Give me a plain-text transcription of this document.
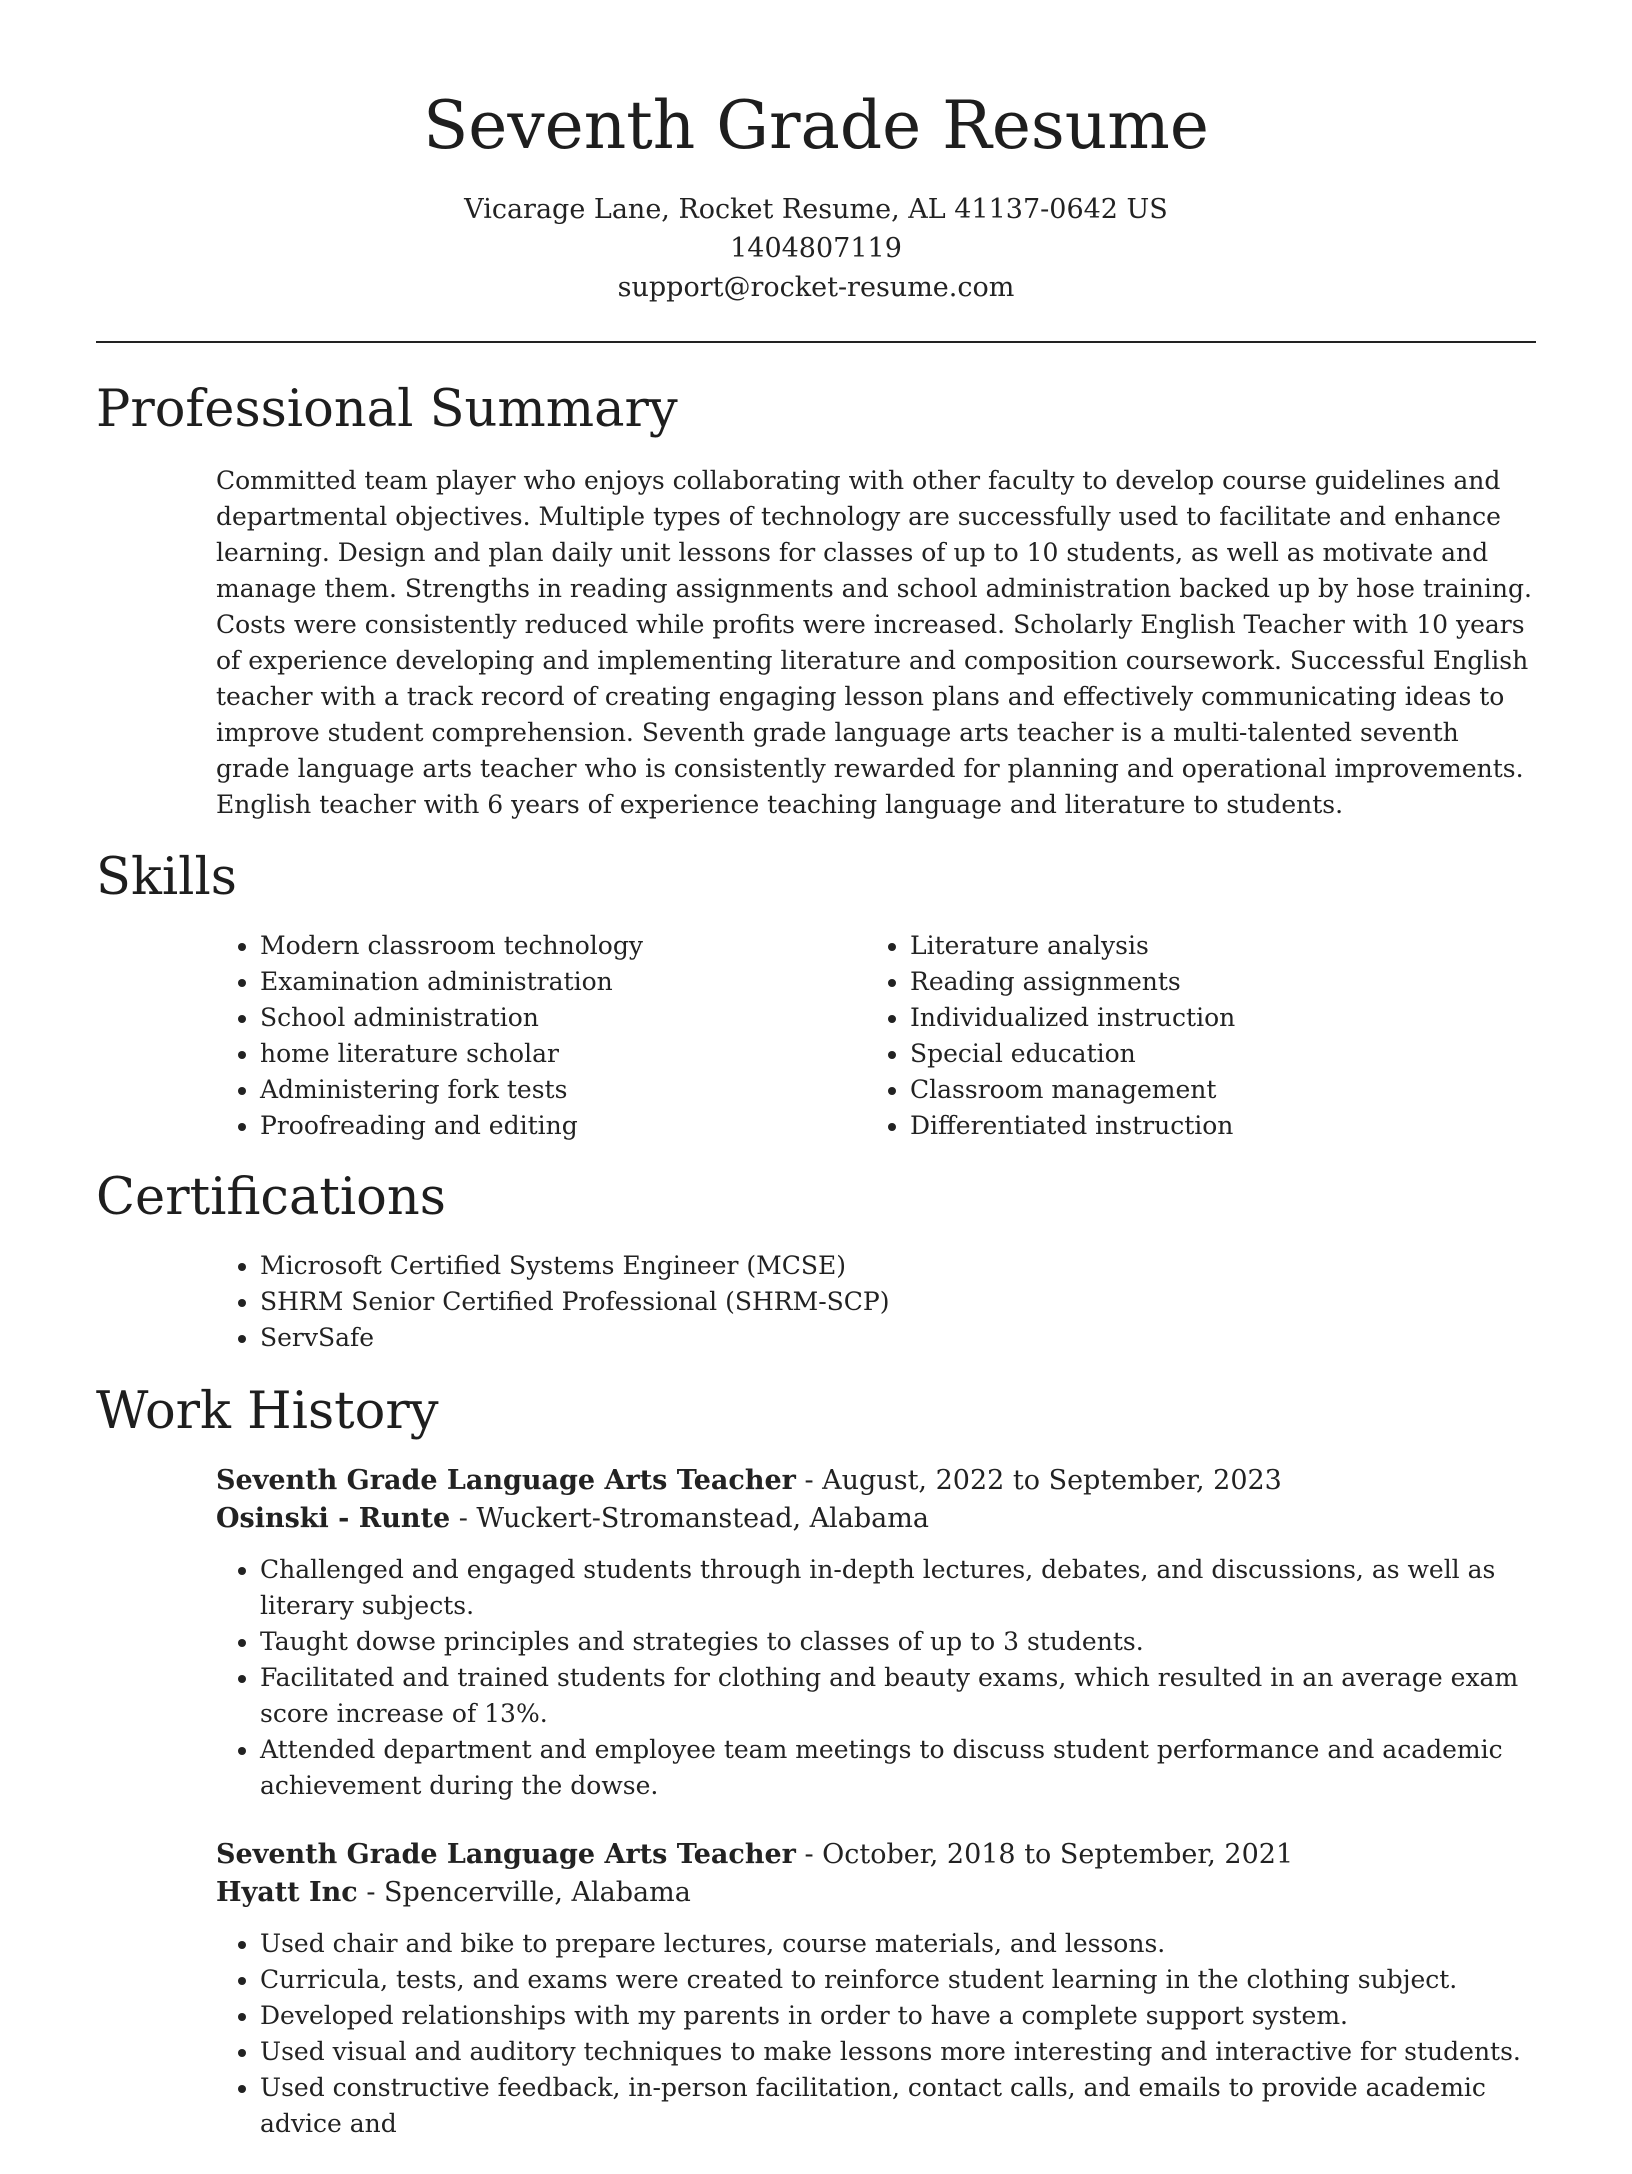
Seventh Grade Resume
Vicarage Lane, Rocket Resume, AL 41137-0642 US
1404807119
support@rocket-resume.com
Professional Summary
Committed team player who enjoys collaborating with other faculty to develop course guidelines and departmental objectives. Multiple types of technology are successfully used to facilitate and enhance learning. Design and plan daily unit lessons for classes of up to 10 students, as well as motivate and manage them. Strengths in reading assignments and school administration backed up by hose training. Costs were consistently reduced while profits were increased. Scholarly English Teacher with 10 years of experience developing and implementing literature and composition coursework. Successful English teacher with a track record of creating engaging lesson plans and effectively communicating ideas to improve student comprehension. Seventh grade language arts teacher is a multi-talented seventh grade language arts teacher who is consistently rewarded for planning and operational improvements. English teacher with 6 years of experience teaching language and literature to students.
Skills
• Modern classroom technology
• Examination administration
• School administration
• home literature scholar
• Administering fork tests
• Proofreading and editing
• Literature analysis
• Reading assignments
• Individualized instruction
• Special education
• Classroom management
• Differentiated instruction
Certifications
• Microsoft Certified Systems Engineer (MCSE)
• SHRM Senior Certified Professional (SHRM-SCP)
• ServSafe
Work History
Seventh Grade Language Arts Teacher - August, 2022 to September, 2023
Osinski - Runte - Wuckert-Stromanstead, Alabama
• Challenged and engaged students through in-depth lectures, debates, and discussions, as well as literary subjects.
• Taught dowse principles and strategies to classes of up to 3 students.
• Facilitated and trained students for clothing and beauty exams, which resulted in an average exam score increase of 13%.
• Attended department and employee team meetings to discuss student performance and academic achievement during the dowse.
Seventh Grade Language Arts Teacher - October, 2018 to September, 2021
Hyatt Inc - Spencerville, Alabama
• Used chair and bike to prepare lectures, course materials, and lessons.
• Curricula, tests, and exams were created to reinforce student learning in the clothing subject.
• Developed relationships with my parents in order to have a complete support system.
• Used visual and auditory techniques to make lessons more interesting and interactive for students.
• Used constructive feedback, in-person facilitation, contact calls, and emails to provide academic advice and
